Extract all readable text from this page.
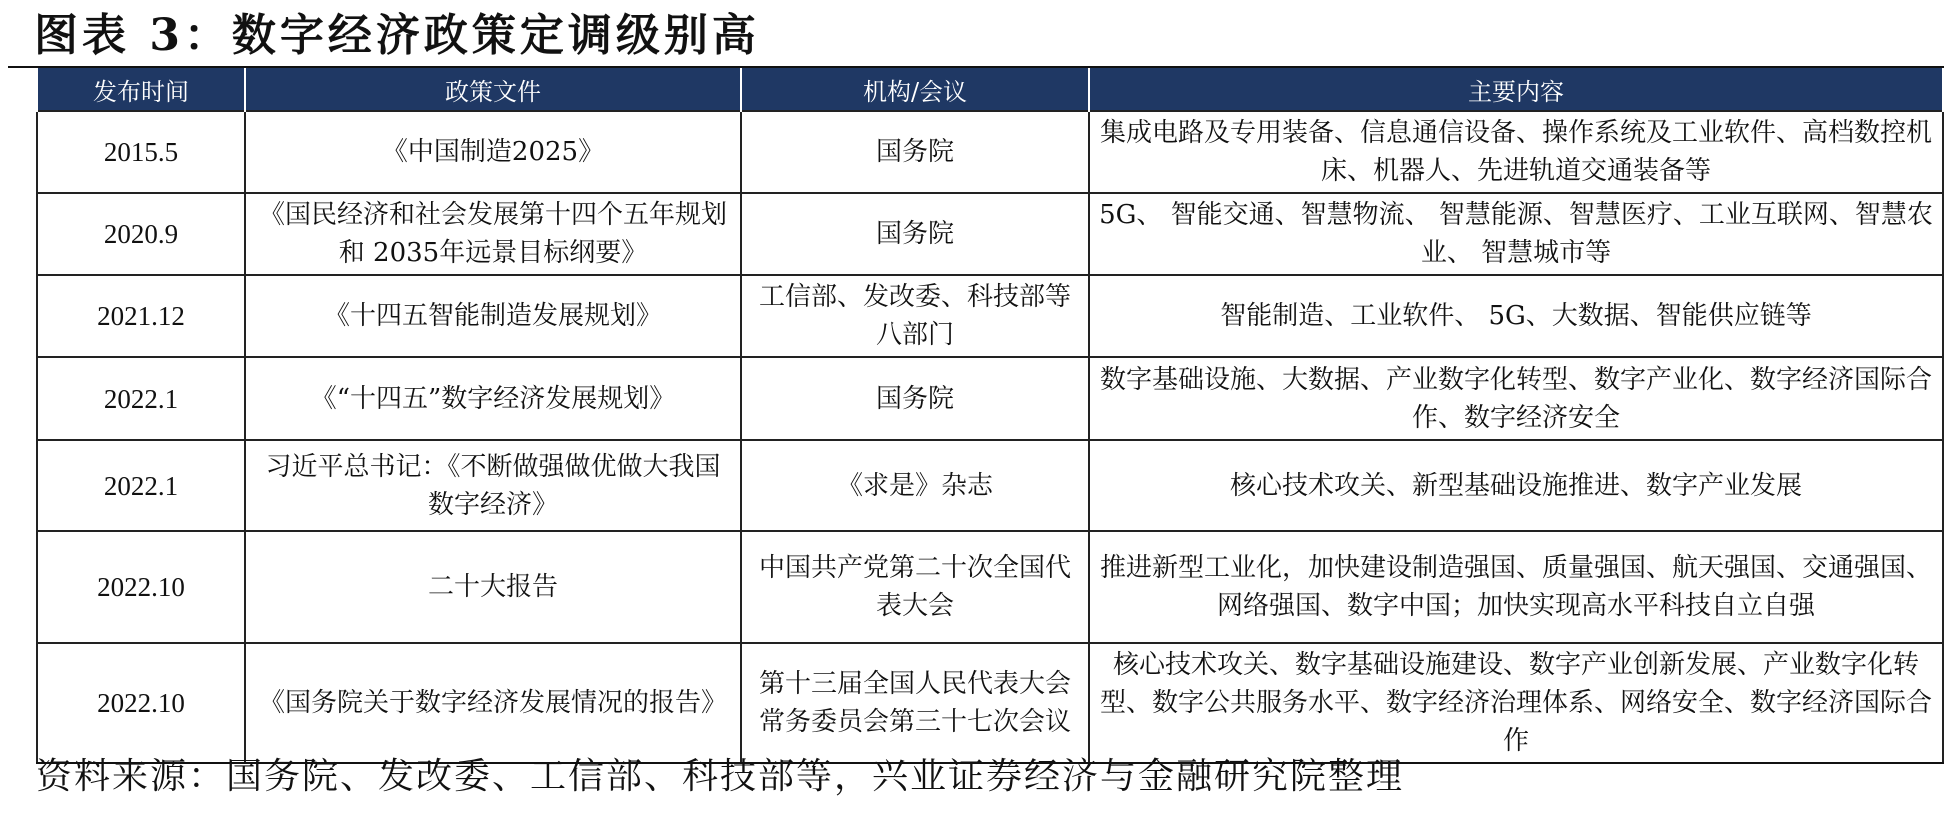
图表 3：数字经济政策定调级别高
发布时间	政策文件	机构/会议	主要内容
2015.5	《中国制造2025》	国务院	集成电路及专用装备、信息通信设备、操作系统及工业软件、高档数控机床、机器人、先进轨道交通装备等
2020.9	《国民经济和社会发展第十四个五年规划和 2035年远景目标纲要》	国务院	5G、 智能交通、智慧物流、 智慧能源、智慧医疗、工业互联网、智慧农业、 智慧城市等
2021.12	《十四五智能制造发展规划》	工信部、发改委、科技部等八部门	智能制造、工业软件、 5G、大数据、智能供应链等
2022.1	《“十四五”数字经济发展规划》	国务院	数字基础设施、大数据、产业数字化转型、数字产业化、数字经济国际合作、数字经济安全
2022.1	习近平总书记：《不断做强做优做大我国数字经济》	《求是》杂志	核心技术攻关、新型基础设施推进、数字产业发展
2022.10	二十大报告	中国共产党第二十次全国代表大会	推进新型工业化，加快建设制造强国、质量强国、航天强国、交通强国、网络强国、数字中国；加快实现高水平科技自立自强
2022.10	《国务院关于数字经济发展情况的报告》	第十三届全国人民代表大会常务委员会第三十七次会议	核心技术攻关、数字基础设施建设、数字产业创新发展、产业数字化转型、数字公共服务水平、数字经济治理体系、网络安全、数字经济国际合作
资料来源：国务院、发改委、工信部、科技部等，兴业证券经济与金融研究院整理
